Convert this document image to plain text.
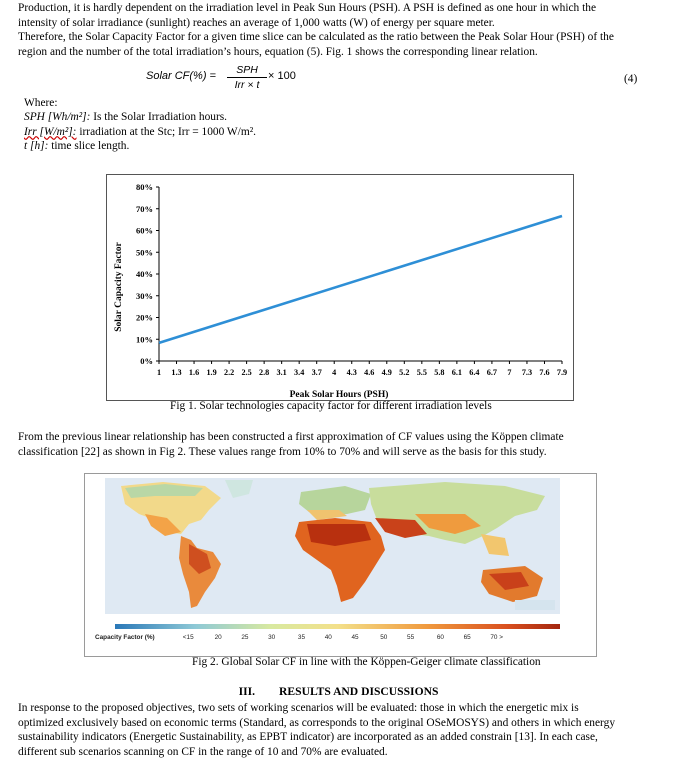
Production, it is hardly dependent on the irradiation level in Peak Sun Hours (PSH). A PSH is defined as one hour in which the
intensity of solar irradiance (sunlight) reaches an average of 1,000 watts (W) of energy per square meter.
Therefore, the Solar Capacity Factor for a given time slice can be calculated as the ratio between the Peak Solar Hour (PSH) of the
region and the number of the total irradiation’s hours, equation (5). Fig. 1 shows the corresponding linear relation.
Solar CF(%) =	SPH
Irr × t
× 100	(4)
Where:
SPH [Wh/m²]: Is the Solar Irradiation hours.
Irr [W/m²]: irradiation at the Stc; Irr = 1000 W/m².
t [h]: time slice length.
Solar Capacity Factor
Peak Solar Hours (PSH)
0%
10%
20%
30%
40%
50%
60%
70%
80%
1 1.3 1.6 1.9 2.2 2.5 2.8 3.1 3.4 3.7 4 4.3 4.6 4.9 5.2 5.5 5.8 6.1 6.4 6.7 7 7.3 7.6 7.9
Fig 1. Solar technologies capacity factor for different irradiation levels
From the previous linear relationship has been constructed a first approximation of CF values using the Köppen climate
classification [22] as shown in Fig 2. These values range from 10% to 70% and will serve as the basis for this study.
Capacity Factor (%)	<15	20	25	30	35	40	45	50	55	60	65	70 >
Fig 2. Global Solar CF in line with the Köppen-Geiger climate classification
III. RESULTS AND DISCUSSIONS
In response to the proposed objectives, two sets of working scenarios will be evaluated: those in which the energetic mix is
optimized exclusively based on economic terms (Standard, as corresponds to the original OSeMOSYS) and others in which energy
sustainability indicators (Energetic Sustainability, as EPBT indicator) are incorporated as an added constrain [13]. In each case,
different sub scenarios scanning on CF in the range of 10 and 70% are evaluated.
